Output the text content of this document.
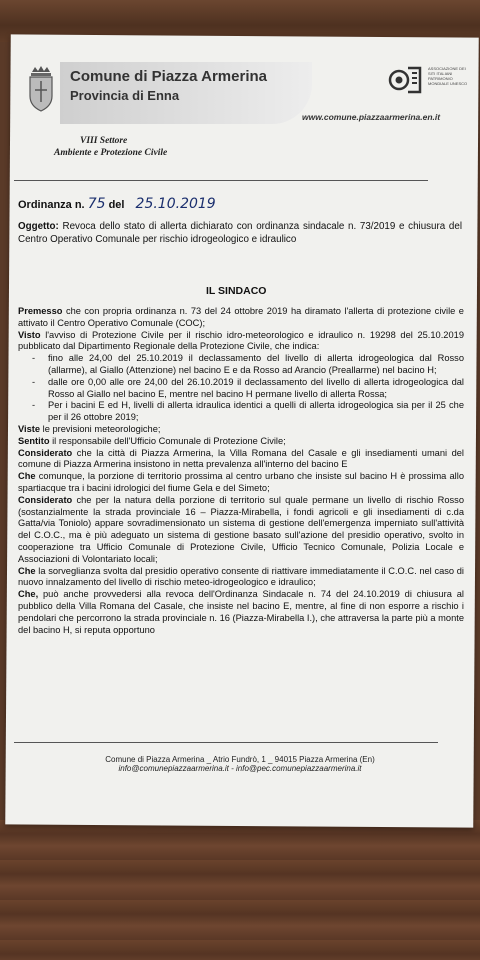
Comune di Piazza Armerina
Provincia di Enna
ASSOCIAZIONE DEI SITI ITALIANI PATRIMONIO MONDIALE UNESCO
www.comune.piazzaarmerina.en.it
VIII Settore
Ambiente e Protezione Civile
Ordinanza n. 75 del 25.10.2019
Oggetto: Revoca dello stato di allerta dichiarato con ordinanza sindacale n. 73/2019 e chiusura del Centro Operativo Comunale per rischio idrogeologico e idraulico
IL SINDACO

Premesso che con propria ordinanza n. 73 del 24 ottobre 2019 ha diramato l'allerta di protezione civile e attivato il Centro Operativo Comunale (COC);

Visto l'avviso di Protezione Civile per il rischio idro-meteorologico e idraulico n. 19298 del 25.10.2019 pubblicato dal Dipartimento Regionale della Protezione Civile, che indica:

- fino alle 24,00 del 25.10.2019 il declassamento del livello di allerta idrogeologica dal Rosso (allarme), al Giallo (Attenzione) nel bacino E e da Rosso ad Arancio (Preallarme) nel bacino H;

- dalle ore 0,00 alle ore 24,00 del 26.10.2019 il declassamento del livello di allerta idrogeologica dal Rosso al Giallo nel bacino E, mentre nel bacino H permane livello di allerta Rossa;

- Per i bacini E ed H, livelli di allerta idraulica identici a quelli di allerta idrogeologica sia per il 25 che per il 26 ottobre 2019;

Viste le previsioni meteorologiche;

Sentito il responsabile dell'Ufficio Comunale di Protezione Civile;

Considerato che la città di Piazza Armerina, la Villa Romana del Casale e gli insediamenti umani del comune di Piazza Armerina insistono in netta prevalenza all'interno del bacino E

Che comunque, la porzione di territorio prossima al centro urbano che insiste sul bacino H è prossima allo spartiacque tra i bacini idrologici del fiume Gela e del Simeto;

Considerato che per la natura della porzione di territorio sul quale permane un livello di rischio Rosso (sostanzialmente la strada provinciale 16 – Piazza-Mirabella, i fondi agricoli e gli insediamenti di c.da Gatta/via Toniolo) appare sovradimensionato un sistema di gestione dell'emergenza imperniato sull'attività del C.O.C., ma è più adeguato un sistema di gestione basato sull'azione del presidio operativo, svolto in cooperazione tra Ufficio Comunale di Protezione Civile, Ufficio Tecnico Comunale, Polizia Locale e Associazioni di Volontariato locali;

Che la sorveglianza svolta dal presidio operativo consente di riattivare immediatamente il C.O.C. nel caso di nuovo innalzamento del livello di rischio meteo-idrogeologico e idraulico;

Che, può anche provvedersi alla revoca dell'Ordinanza Sindacale n. 74 del 24.10.2019 di chiusura al pubblico della Villa Romana del Casale, che insiste nel bacino E, mentre, al fine di non esporre a rischio i pendolari che percorrono la strada provinciale n. 16 (Piazza-Mirabella I.), che attraversa la parte più a monte del bacino H, si reputa opportuno

Comune di Piazza Armerina _ Atrio Fundrò, 1 _ 94015 Piazza Armerina (En)
info@comunepiazzaarmerina.it - info@pec.comunepiazzaarmerina.it
